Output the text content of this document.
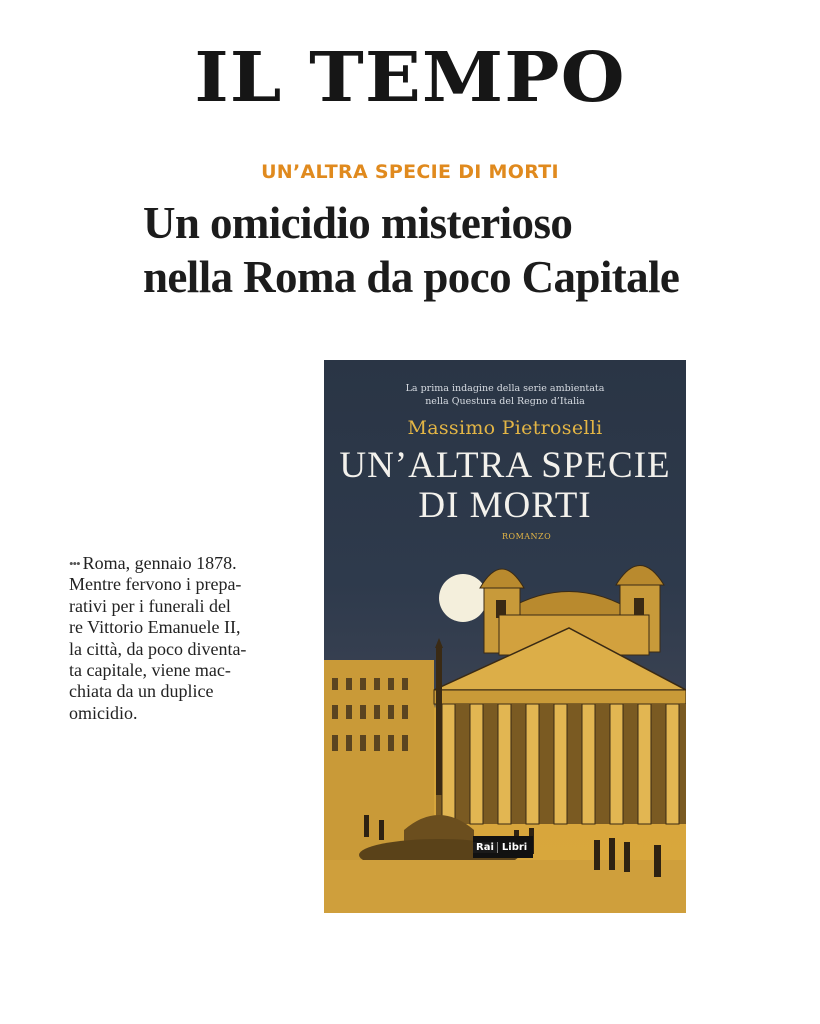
IL TEMPO
UN’ALTRA SPECIE DI MORTI
Un omicidio misterioso
nella Roma da poco Capitale
••• Roma, gennaio 1878.
Mentre fervono i prepa-
rativi per i funerali del
re Vittorio Emanuele II,
la città, da poco diventa-
ta capitale, viene mac-
chiata da un duplice
omicidio.
La prima indagine della serie ambientata
nella Questura del Regno d’Italia
Massimo Pietroselli
UN’ALTRA SPECIE
DI MORTI
ROMANZO
Rai Libri
